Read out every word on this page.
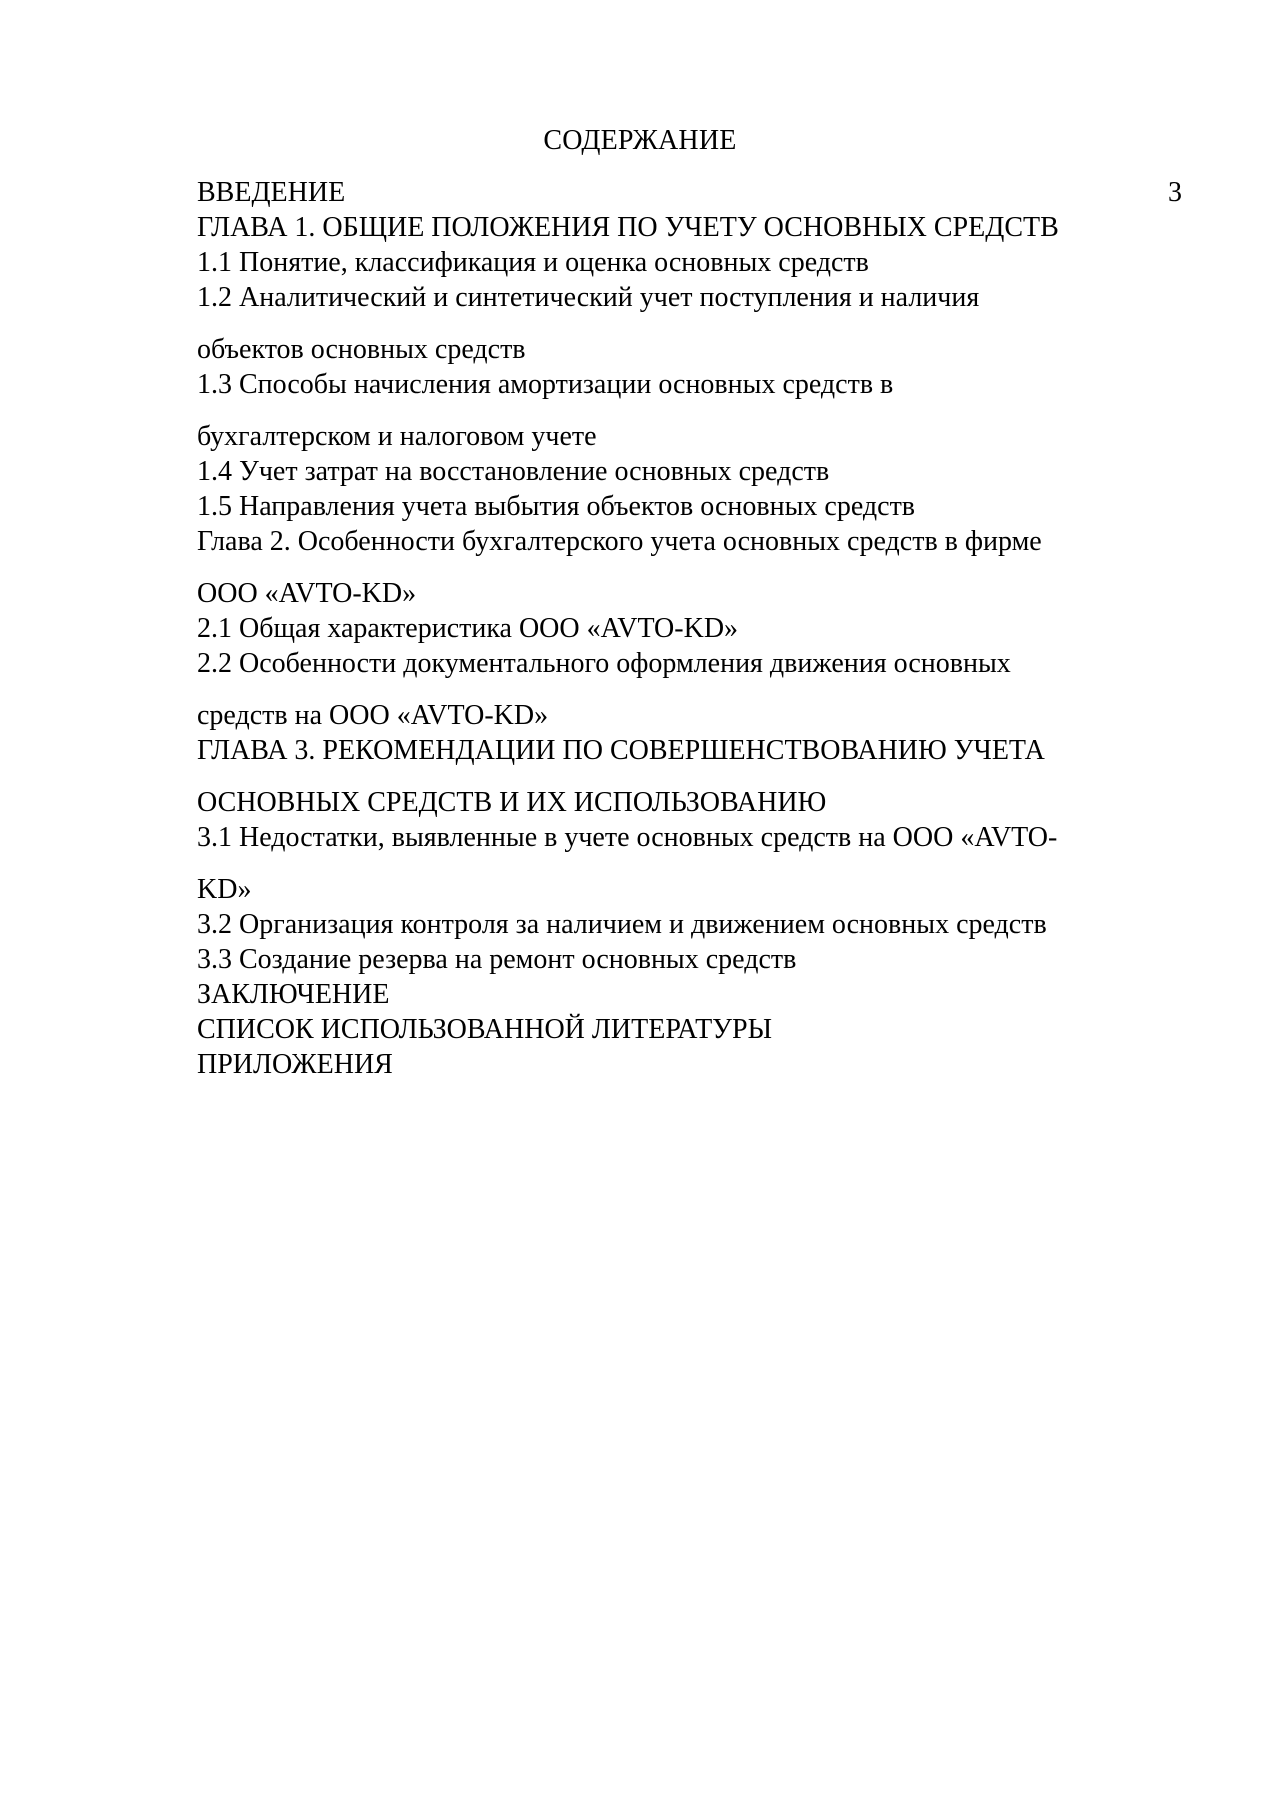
СОДЕРЖАНИЕ
ВВЕДЕНИЕ	3
ГЛАВА 1. ОБЩИЕ ПОЛОЖЕНИЯ ПО УЧЕТУ ОСНОВНЫХ СРЕДСТВ
1.1 Понятие, классификация и оценка основных средств
1.2 Аналитический и синтетический учет поступления и наличия
объектов основных средств
1.3 Способы начисления амортизации основных средств в
бухгалтерском и налоговом учете
1.4 Учет затрат на восстановление основных средств
1.5 Направления учета выбытия объектов основных средств
Глава 2. Особенности бухгалтерского учета основных средств в фирме
ООО «AVTO-KD»
2.1 Общая характеристика ООО «AVTO-KD»
2.2 Особенности документального оформления движения основных
средств на ООО «AVTO-KD»
ГЛАВА 3. РЕКОМЕНДАЦИИ ПО СОВЕРШЕНСТВОВАНИЮ УЧЕТА
ОСНОВНЫХ СРЕДСТВ И ИХ ИСПОЛЬЗОВАНИЮ
3.1 Недостатки, выявленные в учете основных средств на ООО «AVTO-
KD»
3.2 Организация контроля за наличием и движением основных средств
3.3 Создание резерва на ремонт основных средств
ЗАКЛЮЧЕНИЕ
СПИСОК ИСПОЛЬЗОВАННОЙ ЛИТЕРАТУРЫ
ПРИЛОЖЕНИЯ
